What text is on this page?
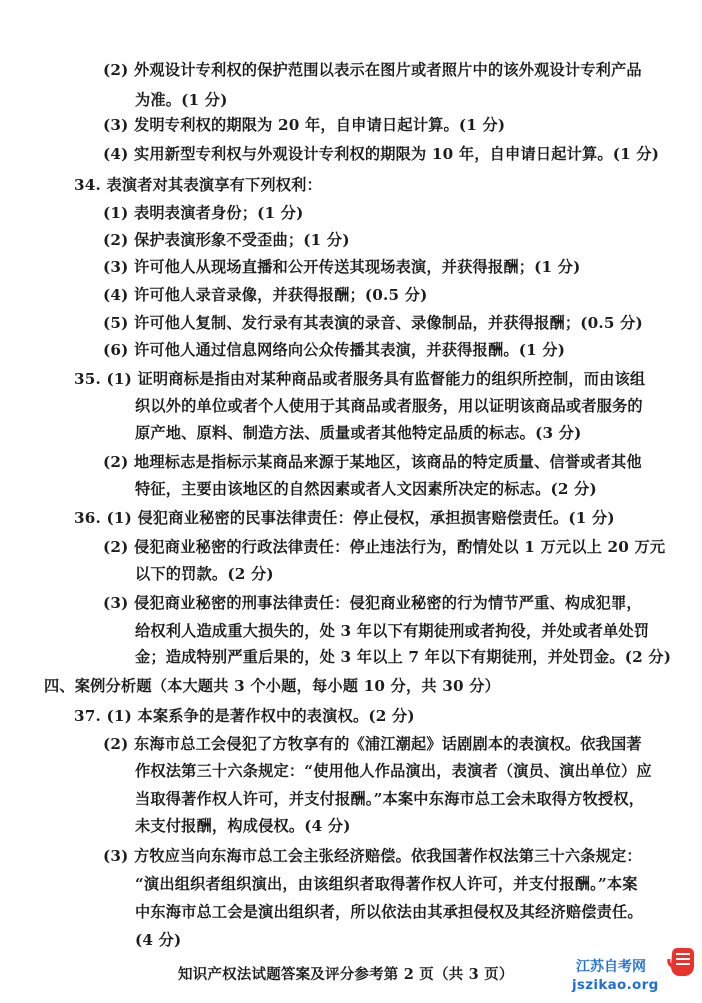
(2) 外观设计专利权的保护范围以表示在图片或者照片中的该外观设计专利产品
为准。(1 分)
(3) 发明专利权的期限为 20 年，自申请日起计算。(1 分)
(4) 实用新型专利权与外观设计专利权的期限为 10 年，自申请日起计算。(1 分)
34. 表演者对其表演享有下列权利：
(1) 表明表演者身份；(1 分)
(2) 保护表演形象不受歪曲；(1 分)
(3) 许可他人从现场直播和公开传送其现场表演，并获得报酬；(1 分)
(4) 许可他人录音录像，并获得报酬；(0.5 分)
(5) 许可他人复制、发行录有其表演的录音、录像制品，并获得报酬；(0.5 分)
(6) 许可他人通过信息网络向公众传播其表演，并获得报酬。(1 分)
35. (1) 证明商标是指由对某种商品或者服务具有监督能力的组织所控制，而由该组
织以外的单位或者个人使用于其商品或者服务，用以证明该商品或者服务的
原产地、原料、制造方法、质量或者其他特定品质的标志。(3 分)
(2) 地理标志是指标示某商品来源于某地区，该商品的特定质量、信誉或者其他
特征，主要由该地区的自然因素或者人文因素所决定的标志。(2 分)
36. (1) 侵犯商业秘密的民事法律责任：停止侵权，承担损害赔偿责任。(1 分)
(2) 侵犯商业秘密的行政法律责任：停止违法行为，酌情处以 1 万元以上 20 万元
以下的罚款。(2 分)
(3) 侵犯商业秘密的刑事法律责任：侵犯商业秘密的行为情节严重、构成犯罪，
给权利人造成重大损失的，处 3 年以下有期徒刑或者拘役，并处或者单处罚
金；造成特别严重后果的，处 3 年以上 7 年以下有期徒刑，并处罚金。(2 分)
四、案例分析题（本大题共 3 个小题，每小题 10 分，共 30 分）
37. (1) 本案系争的是著作权中的表演权。(2 分)
(2) 东海市总工会侵犯了方牧享有的《浦江潮起》话剧剧本的表演权。依我国著
作权法第三十六条规定：“使用他人作品演出，表演者（演员、演出单位）应
当取得著作权人许可，并支付报酬。”本案中东海市总工会未取得方牧授权，
未支付报酬，构成侵权。(4 分)
(3) 方牧应当向东海市总工会主张经济赔偿。依我国著作权法第三十六条规定：
“演出组织者组织演出，由该组织者取得著作权人许可，并支付报酬。”本案
中东海市总工会是演出组织者，所以依法由其承担侵权及其经济赔偿责任。
(4 分)
知识产权法试题答案及评分参考第 2 页（共 3 页）	江苏自考网
jszikao.org
